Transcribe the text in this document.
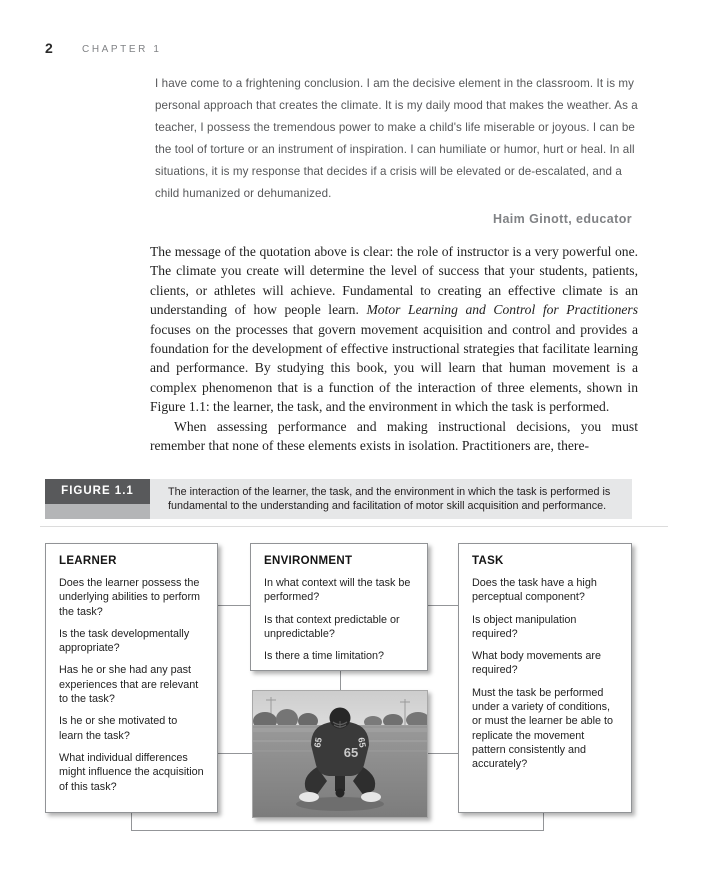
2	CHAPTER 1

I have come to a frightening conclusion. I am the decisive element in the classroom. It is my personal approach that creates the climate. It is my daily mood that makes the weather. As a teacher, I possess the tremendous power to make a child's life miserable or joyous. I can be the tool of torture or an instrument of inspiration. I can humiliate or humor, hurt or heal. In all situations, it is my response that decides if a crisis will be elevated or de-escalated, and a child humanized or dehumanized.

Haim Ginott, educator

The message of the quotation above is clear: the role of instructor is a very powerful one. The climate you create will determine the level of success that your students, patients, clients, or athletes will achieve. Fundamental to creating an effective climate is an understanding of how people learn. Motor Learning and Control for Practitioners focuses on the processes that govern movement acquisition and control and provides a foundation for the development of effective instructional strategies that facilitate learning and performance. By studying this book, you will learn that human movement is a complex phenomenon that is a function of the interaction of three elements, shown in Figure 1.1: the learner, the task, and the environment in which the task is performed.

When assessing performance and making instructional decisions, you must remember that none of these elements exists in isolation. Practitioners are, there-

The interaction of the learner, the task, and the environment in which the task is performed is fundamental to the understanding and facilitation of motor skill acquisition and performance.
FIGURE 1.1
LEARNER

Does the learner possess the underlying abilities to perform the task?

Is the task developmentally appropriate?

Has he or she had any past experiences that are relevant to the task?

Is he or she motivated to learn the task?

What individual differences might influence the acquisition of this task?

ENVIRONMENT

In what context will the task be performed?

Is that context predictable or unpredictable?

Is there a time limitation?

TASK

Does the task have a high perceptual component?

Is object manipulation required?

What body movements are required?

Must the task be performed under a variety of conditions, or must the learner be able to replicate the movement pattern consistently and accurately?

65
65	65
